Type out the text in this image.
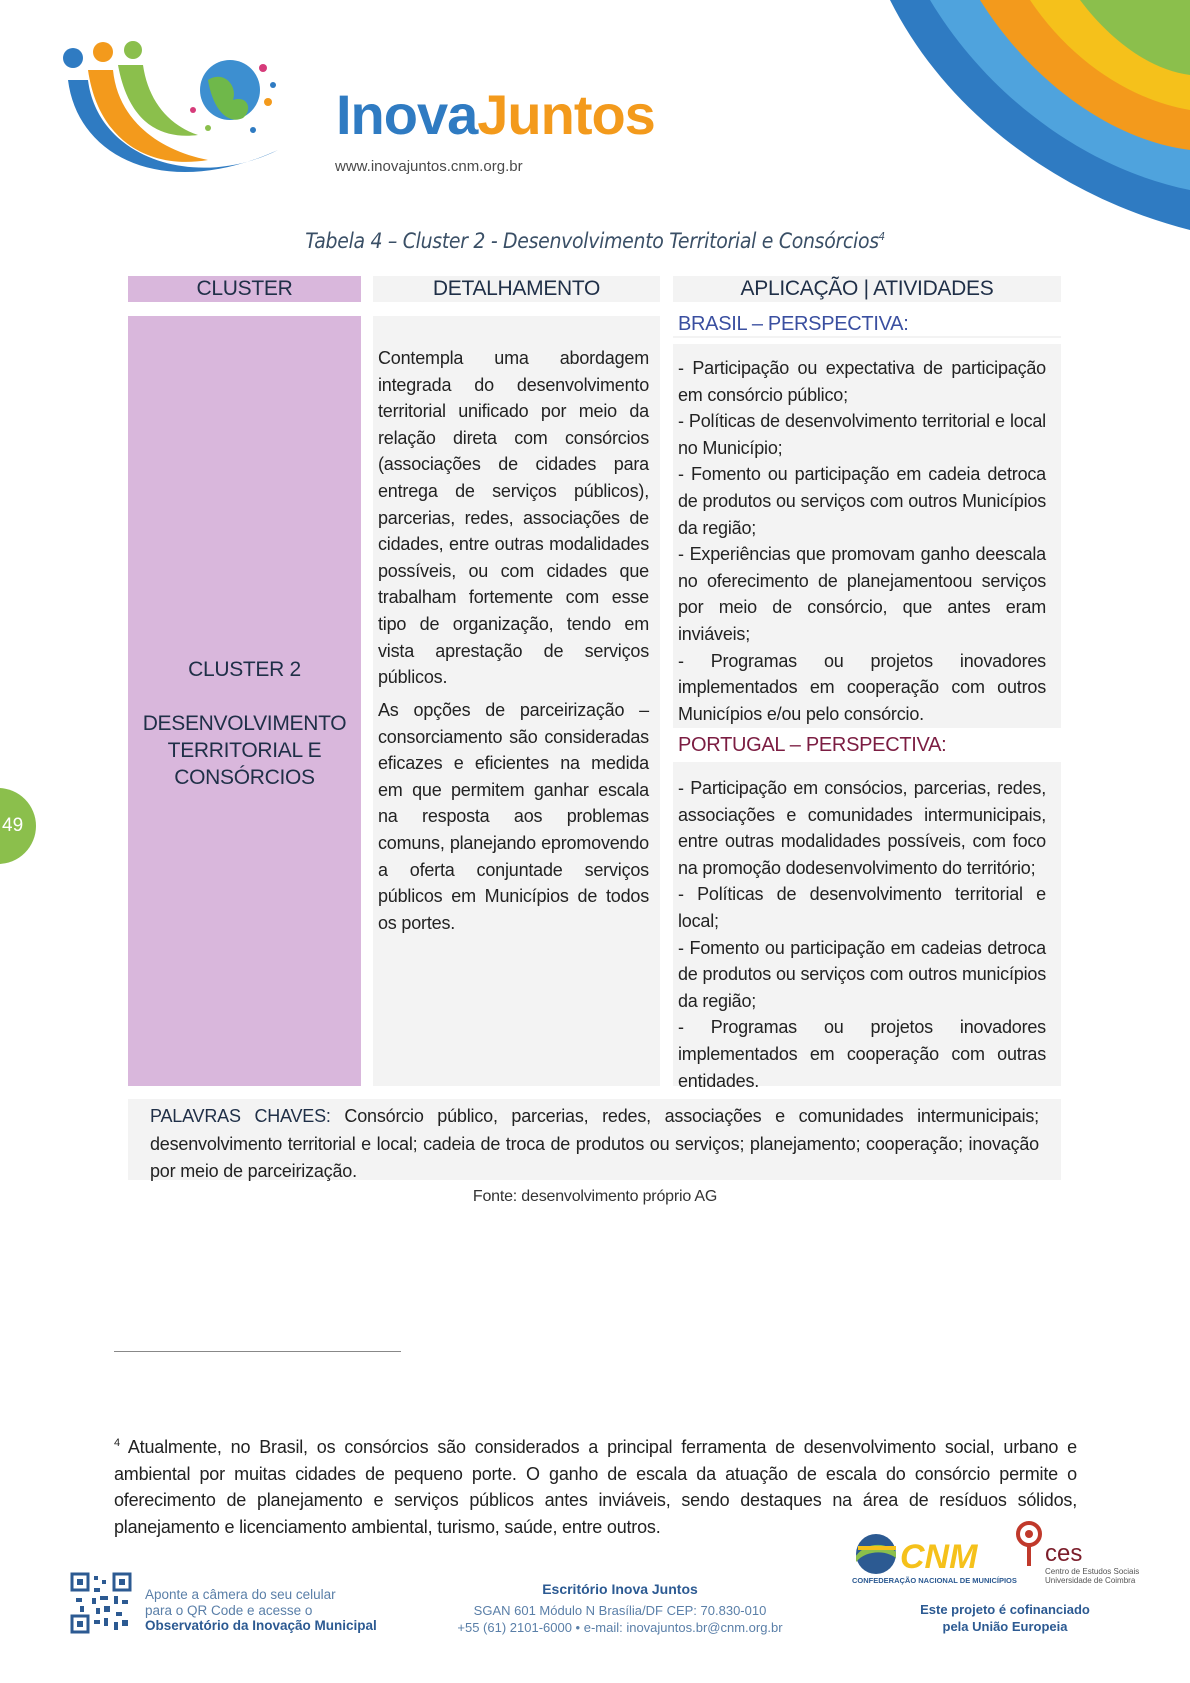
InovaJuntos
www.inovajuntos.cnm.org.br
Tabela 4 – Cluster 2 - Desenvolvimento Territorial e Consórcios$^4$
CLUSTER	DETALHAMENTO	APLICAÇÃO | ATIVIDADES
CLUSTER 2
DESENVOLVIMENTO
TERRITORIAL E
CONSÓRCIOS
Contempla uma abordagem integrada do desenvolvimento territorial unificado por meio da relação direta com consórcios (associações de cidades para entrega de serviços públicos), parcerias, redes, associações de cidades, entre outras modalidades possíveis, ou com cidades que trabalham fortemente com esse tipo de organização, tendo em vista aprestação de serviços públicos.
As opções de parceirização – consorciamento são consideradas eficazes e eficientes na medida em que permitem ganhar escala na resposta aos problemas comuns, planejando epromovendo a oferta conjuntade serviços públicos em Municípios de todos os portes.
BRASIL – PERSPECTIVA:

- Participação ou expectativa de participação em consórcio público;

- Políticas de desenvolvimento territorial e local no Município;

- Fomento ou participação em cadeia detroca de produtos ou serviços com outros Municípios da região;

- Experiências que promovam ganho deescala no oferecimento de planejamentoou serviços por meio de consórcio, que antes eram inviáveis;

- Programas ou projetos inovadores implementados em cooperação com outros Municípios e/ou pelo consórcio.

PORTUGAL – PERSPECTIVA:

- Participação em consócios, parcerias, redes, associações e comunidades intermunicipais, entre outras modalidades possíveis, com foco na promoção dodesenvolvimento do território;

- Políticas de desenvolvimento territorial e local;

- Fomento ou participação em cadeias detroca de produtos ou serviços com outros municípios da região;

- Programas ou projetos inovadores implementados em cooperação com outras entidades.

PALAVRAS CHAVES: Consórcio público, parcerias, redes, associações e comunidades intermunicipais; desenvolvimento territorial e local; cadeia de troca de produtos ou serviços; planejamento; cooperação; inovação por meio de parceirização.
Fonte: desenvolvimento próprio AG
49
$^4$ Atualmente, no Brasil, os consórcios são considerados a principal ferramenta de desenvolvimento social, urbano e ambiental por muitas cidades de pequeno porte. O ganho de escala da atuação de escala do consórcio permite o oferecimento de planejamento e serviços públicos antes inviáveis, sendo destaques na área de resíduos sólidos, planejamento e licenciamento ambiental, turismo, saúde, entre outros.
Aponte a câmera do seu celular
para o QR Code e acesse o
Observatório da Inovação Municipal
Escritório Inova Juntos
SGAN 601 Módulo N Brasília/DF CEP: 70.830-010
+55 (61) 2101-6000 • e-mail: inovajuntos.br@cnm.org.br
CNM
CONFEDERAÇÃO NACIONAL DE MUNICÍPIOS
ces
Centro de Estudos Sociais
Universidade de Coimbra
Este projeto é cofinanciado
pela União Europeia
